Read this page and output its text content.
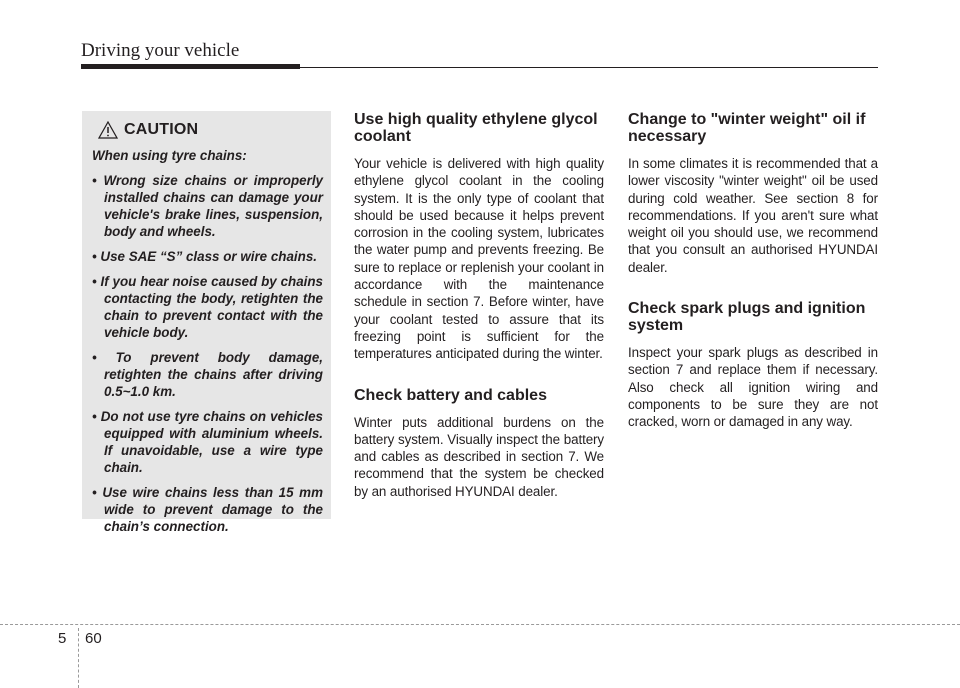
Driving your vehicle
CAUTION

When using tyre chains:

• Wrong size chains or improperly installed chains can damage your vehicle's brake lines, suspension, body and wheels.
• Use SAE “S” class or wire chains.
• If you hear noise caused by chains contacting the body, retighten the chain to prevent contact with the vehicle body.
• To prevent body damage, retighten the chains after driving 0.5~1.0 km.
• Do not use tyre chains on vehicles equipped with aluminium wheels. If unavoidable, use a wire type chain.
• Use wire chains less than 15 mm wide to prevent damage to the chain’s connection.
Use high quality ethylene glycol coolant

Your vehicle is delivered with high quality ethylene glycol coolant in the cooling system. It is the only type of coolant that should be used because it helps prevent corrosion in the cooling system, lubricates the water pump and prevents freezing. Be sure to replace or replenish your coolant in accordance with the maintenance schedule in section 7. Before winter, have your coolant tested to assure that its freezing point is sufficient for the temperatures anticipated during the winter.

Check battery and cables

Winter puts additional burdens on the battery system. Visually inspect the battery and cables as described in section 7. We recommend that the system be checked by an authorised HYUNDAI dealer.

Change to "winter weight" oil if necessary

In some climates it is recommended that a lower viscosity "winter weight" oil be used during cold weather. See section 8 for recommendations. If you aren't sure what weight oil you should use, we recommend that you consult an authorised HYUNDAI dealer.

Check spark plugs and ignition system

Inspect your spark plugs as described in section 7 and replace them if necessary. Also check all ignition wiring and components to be sure they are not cracked, worn or damaged in any way.

5 60
